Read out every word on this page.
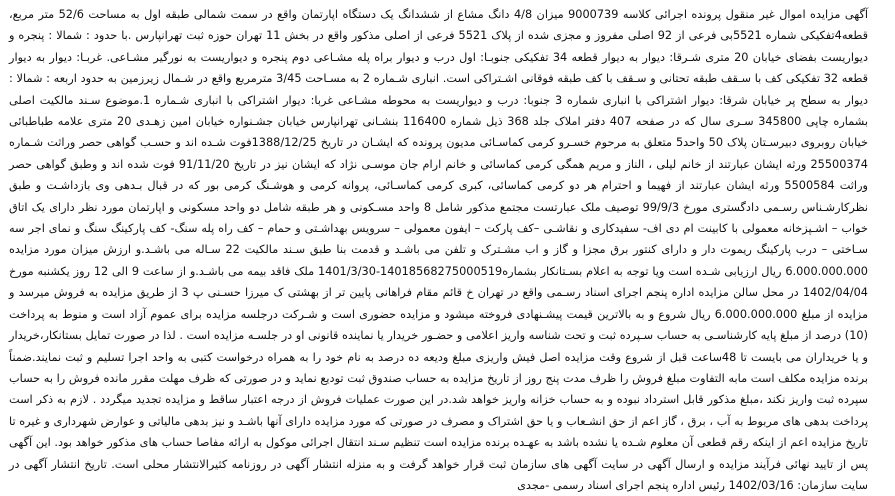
آگهی مزایده اموال غیر منقول پرونده اجرائی کلاسه 9000739 میزان 4/8 دانگ مشاع از ششدانگ یک دستگاه اپارتمان واقع در سمت شمالی طبقه اول به مساحت 52/6 متر مربع، قطعه4تفکیکی شماره 5521بی فرعی از 92 اصلی مفروز و مجزی شده از پلاک 5521 فرعی از اصلی مذکور واقع در بخش 11 تهران حوزه ثبت تهرانپارس .با حدود : شمالا : پنجره و دیواریست بفضای خیابان 20 متری شـرقا: دیوار به دیوار قطعه 34 تفکیکی جنوبـا: اول درب و دیوار براه پله مشـاعی دوم پنجره و دیواریست به نورگیر مشـاعی. غربـا: دیوار به دیوار قطعه 32 تفکیکی کف با سـقف طبقه تحتانی و سـقف با کف طبقه فوقانی اشـتراکی است. انباری شـماره 2 به مسـاحت 3/45 مترمربع واقع در شـمال زیرزمین به حدود اربعه : شمالا : دیوار به سطح پر خیابان شرقا: دیوار اشتراکی با انباری شماره 3 جنوبا: درب و دیواریست به محوطه مشـاعی غربا: دیوار اشتراکی با انباری شـماره 1.موضوع سـند مالکیت اصلی بشماره چاپی 345800 سـری سال که در صفحه 407 دفتر املاک جلد 368 ذیل شماره 116400 بنشـانی تهرانپارس خیابان جشـنواره خیابان امین زهـدی 20 متری علامه طباطبائی خیابان روبروی دبیرسـتان پلاک 50 واحد5 متعلق به مرحوم خسـرو کرمی کماسـائی مدیون پرونده که ایشـان در تاریخ 1388/12/25فوت شـده اند و حسـب گواهی حصر وراثت شـماره 25500374 ورثه ایشان عبارتند از خانم لیلی ، الناز و مریم همگی کرمی کماسائی و خانم ارام جان موسـی نژاد که ایشان نیز در تاریخ 91/11/20 فوت شده اند و وطبق گواهی حصر وراثت 5500584 ورثه ایشان عبارتند از فهیما و احترام هر دو کرمی کماسائی، کبری کرمی کماسـائی، پروانه کرمی و هوشـنگ کرمی بور که در قبال بـدهی وی بازداشـت و طبق نظرکارشـناس رسـمی دادگستری مورخ 99/9/3 توصیف ملک عبارتست مجتمع مذکور شامل 8 واحد مسـکونی و هر طبقه شامل دو واحد مسکونی و اپارتمان مورد نظر دارای یک اتاق خواب – اشـپزخانه معمولی با کابینت ام دی اف- سفیدکاری و نقاشـی –کف پارکت – ایفون معمولی – سرویس بهداشـتی و حمام – کف راه پله سنگ- کف پارکینگ سنگ و نمای اجر سه سـاختی – درب پارکینگ ریموت دار و دارای کنتور برق مجزا و گاز و اب مشـترک و تلفن می باشـد و قدمت بنا طبق سـند مالکیت 22 سـاله می باشـد.و ارزش میزان مورد مزایده 6.000.000.000 ریال ارزیابی شـده است ویا توجه به اعلام بسـتانکار بشماره14018568275000519-1401/3/30 ملک فاقد بیمه می باشـد.و از ساعت 9 الی 12 روز یکشنبه مورخ 1402/04/04 در محل سالن مزایده اداره پنجم اجرای اسناد رسـمی واقع در تهران خ قائم مقام فراهانی پایین تر از بهشتی ک میرزا حسـنی پ 3 از طریق مزایده به فروش میرسد و مزایده از مبلغ 6.000.000.000 ریال شروع و به بالاترین قیمت پیشـنهادی فروخته میشود و مزایده حضوری است و شـرکت درجلسه مزایده برای عموم آزاد است و منوط به پرداخت (10) درصد از مبلغ پایه کارشناسـی به حساب سـپرده ثبت و تحت شناسه واریز اعلامی و حضـور خریدار یا نماینده قانونی او در جلسـه مزایده است . لذا در صورت تمایل بستانکار،خریدار و یا خریداران می بایست تا 48ساعت قبل از شروع وقت مزایده اصل فیش واریزی مبلغ ودیعه ده درصد به نام خود را به همراه درخواست کتبی به واحد اجرا تسلیم و ثبت نمایند.ضمناً برنده مزایده مکلف است مابه التفاوت مبلغ فروش را ظرف مدت پنج روز از تاریخ مزایده به حساب صندوق ثبت تودیع نماید و در صورتی که ظرف مهلت مقرر مانده فروش را به حساب سپرده ثبت واریز نکند ،مبلغ مذکور قابل استرداد نبوده و به حساب خزانه واریز خواهد شد.در این صورت عملیات فروش از درجه اعتبار ساقط و مزایده تجدید میگردد . لازم به ذکر است پرداخت بدهی های مربوط به آب ، برق ، گاز اعم از حق انشـعاب و یا حق اشتراک و مصرف در صورتی که مورد مزایده دارای آنها باشـد و نیز بدهی مالیاتی و عوارض شهرداری و غیره تا تاریخ مزایده اعم از اینکه رقم قطعی آن معلوم شـده یا نشده باشد به عهـده برنده مزایده است تنظیم سـند انتقال اجرائی موکول به ارائه مفاصا حساب های مذکور خواهد بود. این آگهی پس از تایید نهائی فرآیند مزایده و ارسال آگهی در سایت آگهی های سازمان ثبت قرار خواهد گرفت و به منزله انتشار آگهی در روزنامه کثیرالانتشار محلی است. تاریخ انتشار آگهی در سایت سازمان: 1402/03/16 رئیس اداره پنجم اجرای اسناد رسمی -مجدی
